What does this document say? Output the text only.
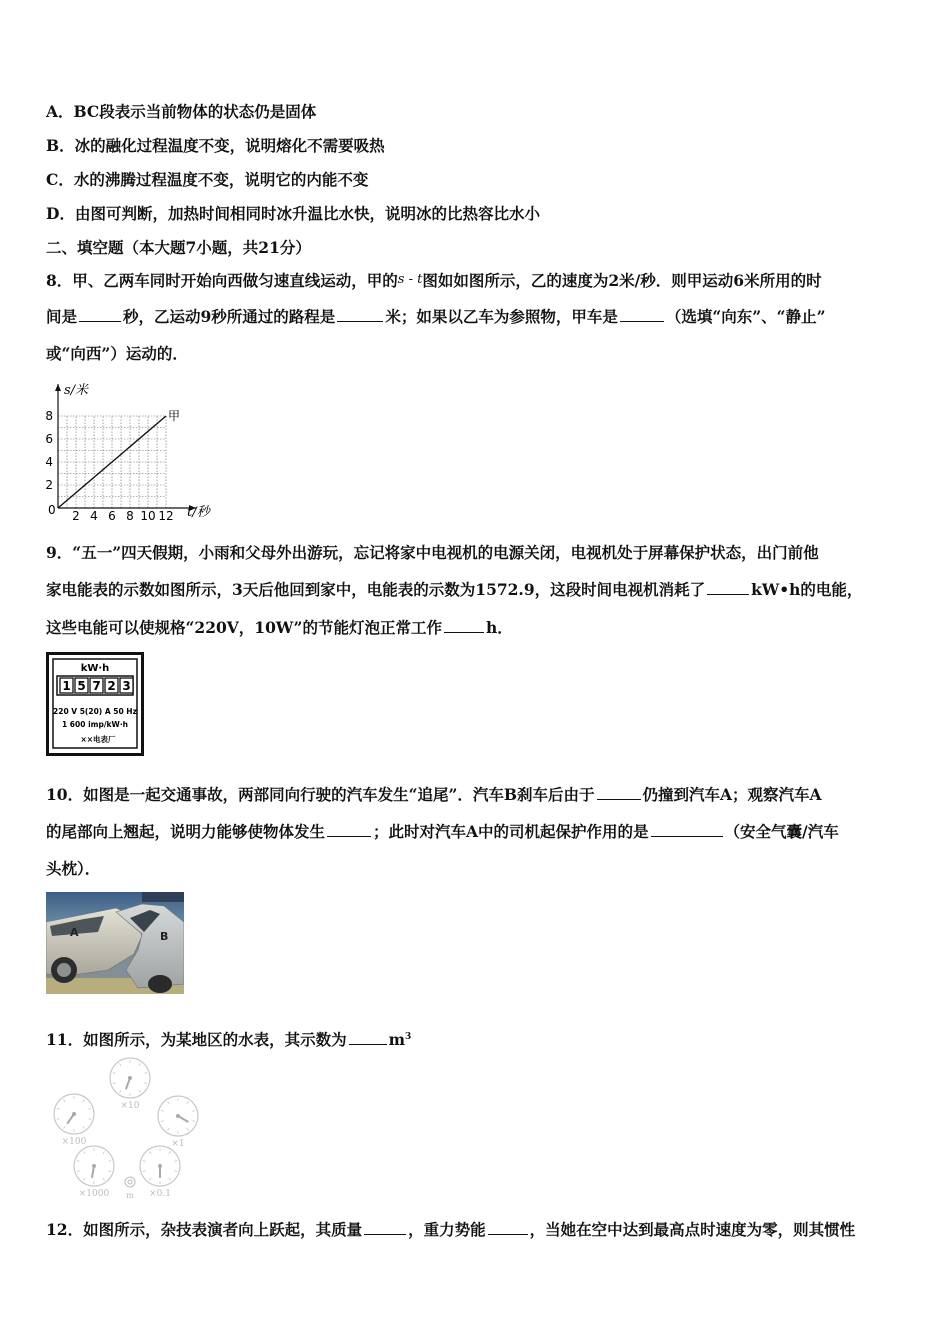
A．BC段表示当前物体的状态仍是固体
B．冰的融化过程温度不变，说明熔化不需要吸热
C．水的沸腾过程温度不变，说明它的内能不变
D．由图可判断，加热时间相同时冰升温比水快，说明冰的比热容比水小
二、填空题（本大题7小题，共21分）
8．甲、乙两车同时开始向西做匀速直线运动，甲的s - t图如如图所示，乙的速度为2米/秒．则甲运动6米所用的时
间是	秒，乙运动9秒所通过的路程是	米；如果以乙车为参照物，甲车是	（选填“向东”、“静止”
或“向西”）运动的．
2 4 6 8 10 12
2
4
6
8
s/米
t/秒
0
甲
9．“五一”四天假期，小雨和父母外出游玩，忘记将家中电视机的电源关闭，电视机处于屏幕保护状态，出门前他
家电能表的示数如图所示，3天后他回到家中，电能表的示数为1572.9，这段时间电视机消耗了	kW•h的电能，
这些电能可以使规格“220V，10W”的节能灯泡正常工作	h．
kW·h
1 5 7 2 3
220 V 5(20) A 50 Hz
1 600 imp/kW·h
××电表厂
10．如图是一起交通事故，两部同向行驶的汽车发生“追尾”．汽车B刹车后由于	仍撞到汽车A；观察汽车A
的尾部向上翘起，说明力能够使物体发生	；此时对汽车A中的司机起保护作用的是	（安全气囊/汽车
头枕）．
A	B
11．如图所示，为某地区的水表，其示数为	$m^3$
×10
×1
×0.1
×1000
×100
m
12．如图所示，杂技表演者向上跃起，其质量	，重力势能	，当她在空中达到最高点时速度为零，则其惯性
